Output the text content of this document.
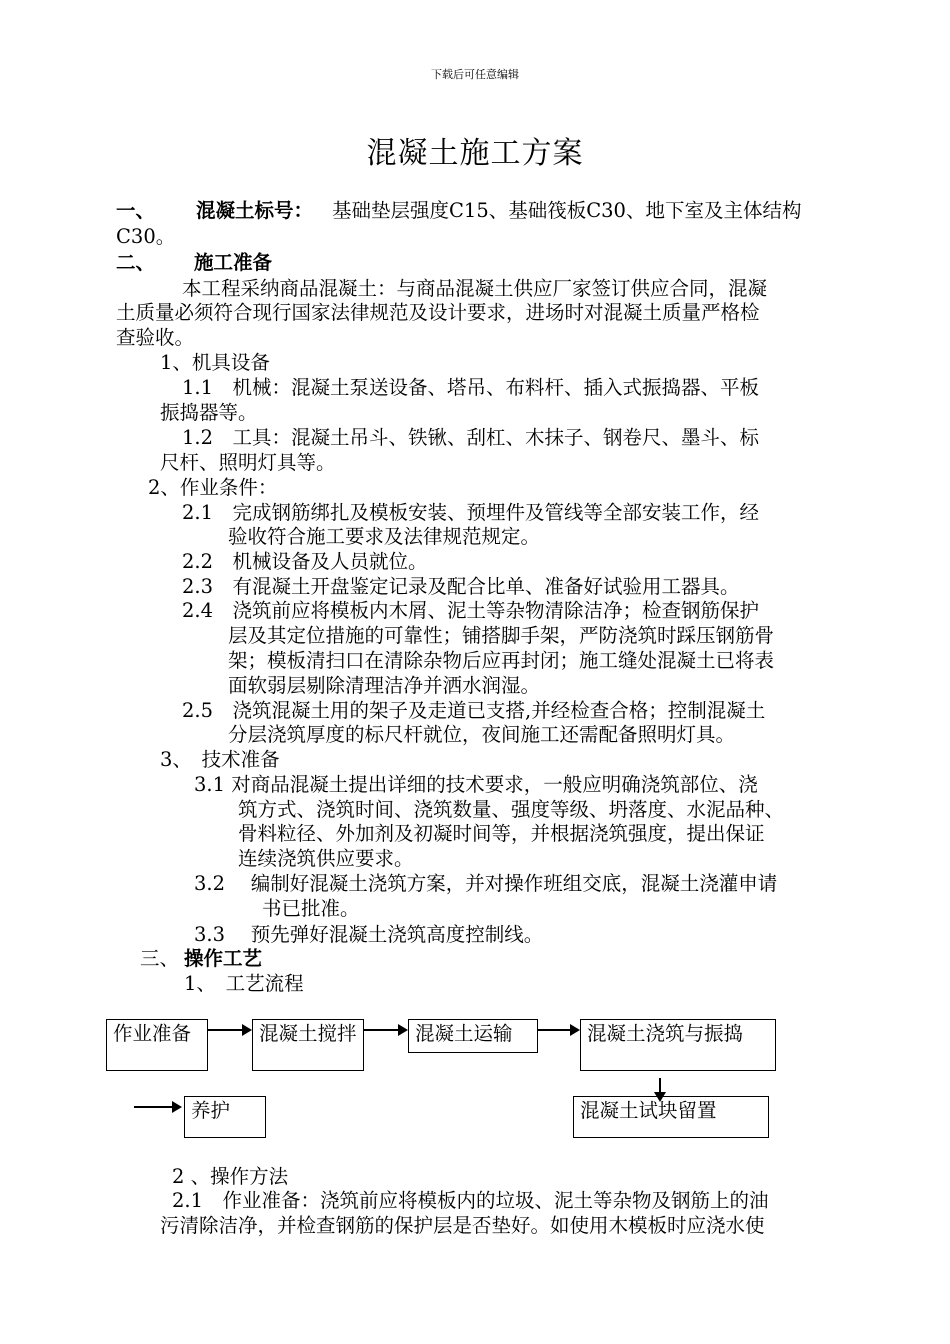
下载后可任意编辑
混凝土施工方案
一、 混凝土标号： 基础垫层强度C15、基础筏板C30、地下室及主体结构
C30。
二、 施工准备
本工程采纳商品混凝土：与商品混凝土供应厂家签订供应合同，混凝
土质量必须符合现行国家法律规范及设计要求，进场时对混凝土质量严格检
查验收。
1、机具设备
1.1　机械：混凝土泵送设备、塔吊、布料杆、插入式振捣器、平板
振捣器等。
1.2　工具：混凝土吊斗、铁锹、刮杠、木抹子、钢卷尺、墨斗、标
尺杆、照明灯具等。
2、作业条件：
2.1　完成钢筋绑扎及模板安装、预埋件及管线等全部安装工作，经
验收符合施工要求及法律规范规定。
2.2　机械设备及人员就位。
2.3　有混凝土开盘鉴定记录及配合比单、准备好试验用工器具。
2.4　浇筑前应将模板内木屑、泥土等杂物清除洁净；检查钢筋保护
层及其定位措施的可靠性；铺搭脚手架，严防浇筑时踩压钢筋骨
架；模板清扫口在清除杂物后应再封闭；施工缝处混凝土已将表
面软弱层剔除清理洁净并洒水润湿。
2.5　浇筑混凝土用的架子及走道已支搭,并经检查合格；控制混凝土
分层浇筑厚度的标尺杆就位，夜间施工还需配备照明灯具。
3、　技术准备
3.1 对商品混凝土提出详细的技术要求，一般应明确浇筑部位、浇
筑方式、浇筑时间、浇筑数量、强度等级、坍落度、水泥品种、
骨料粒径、外加剂及初凝时间等，并根据浇筑强度，提出保证
连续浇筑供应要求。
3.2　 编制好混凝土浇筑方案，并对操作班组交底，混凝土浇灌申请
书已批准。
3.3　 预先弹好混凝土浇筑高度控制线。
三、 操作工艺
1、　工艺流程
作业准备	混凝土搅拌	混凝土运输	混凝土浇筑与振捣
混凝土试块留置
养护
2 、操作方法
2.1　作业准备：浇筑前应将模板内的垃圾、泥土等杂物及钢筋上的油
污清除洁净，并检查钢筋的保护层是否垫好。如使用木模板时应浇水使
